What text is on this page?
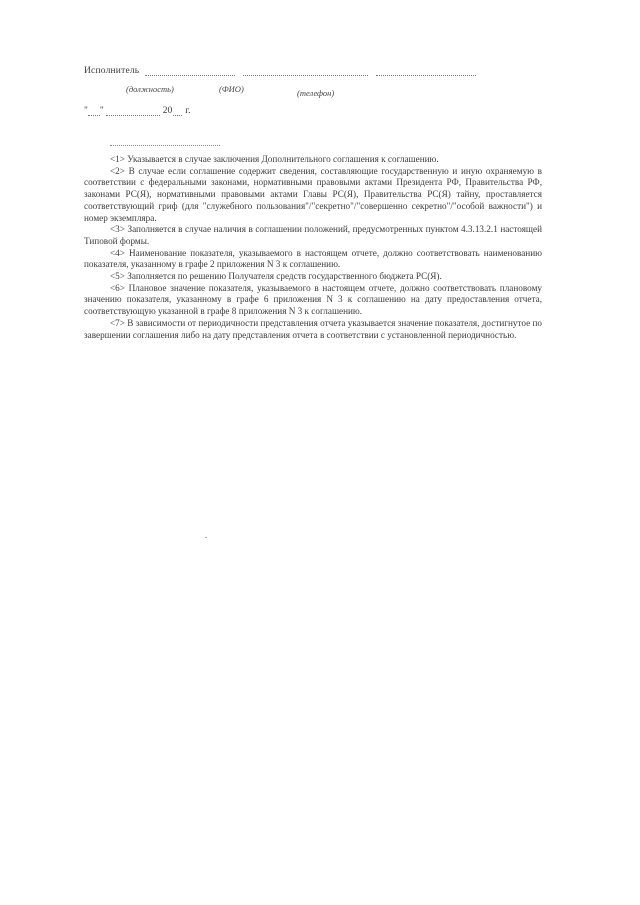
Исполнитель
(должность)	(ФИО)	(телефон)
" "	20 г.

<1> Указывается в случае заключения Дополнительного соглашения к соглашению.

<2> В случае если соглашение содержит сведения, составляющие государственную и иную охраняемую в соответствии с федеральными законами, нормативными правовыми актами Президента РФ, Правительства РФ, законами РС(Я), нормативными правовыми актами Главы РС(Я), Правительства РС(Я) тайну, проставляется соответствующий гриф (для "служебного пользования"/"секретно"/"совершенно секретно"/"особой важности") и номер экземпляра.

<3> Заполняется в случае наличия в соглашении положений, предусмотренных пунктом 4.3.13.2.1 настоящей Типовой формы.

<4> Наименование показателя, указываемого в настоящем отчете, должно соответствовать наименованию показателя, указанному в графе 2 приложения N 3 к соглашению.

<5> Заполняется по решению Получателя средств государственного бюджета РС(Я).

<6> Плановое значение показателя, указываемого в настоящем отчете, должно соответствовать плановому значению показателя, указанному в графе 6 приложения N 3 к соглашению на дату предоставления отчета, соответствующую указанной в графе 8 приложения N 3 к соглашению.

<7> В зависимости от периодичности представления отчета указывается значение показателя, достигнутое по завершении соглашения либо на дату представления отчета в соответствии с установленной периодичностью.
